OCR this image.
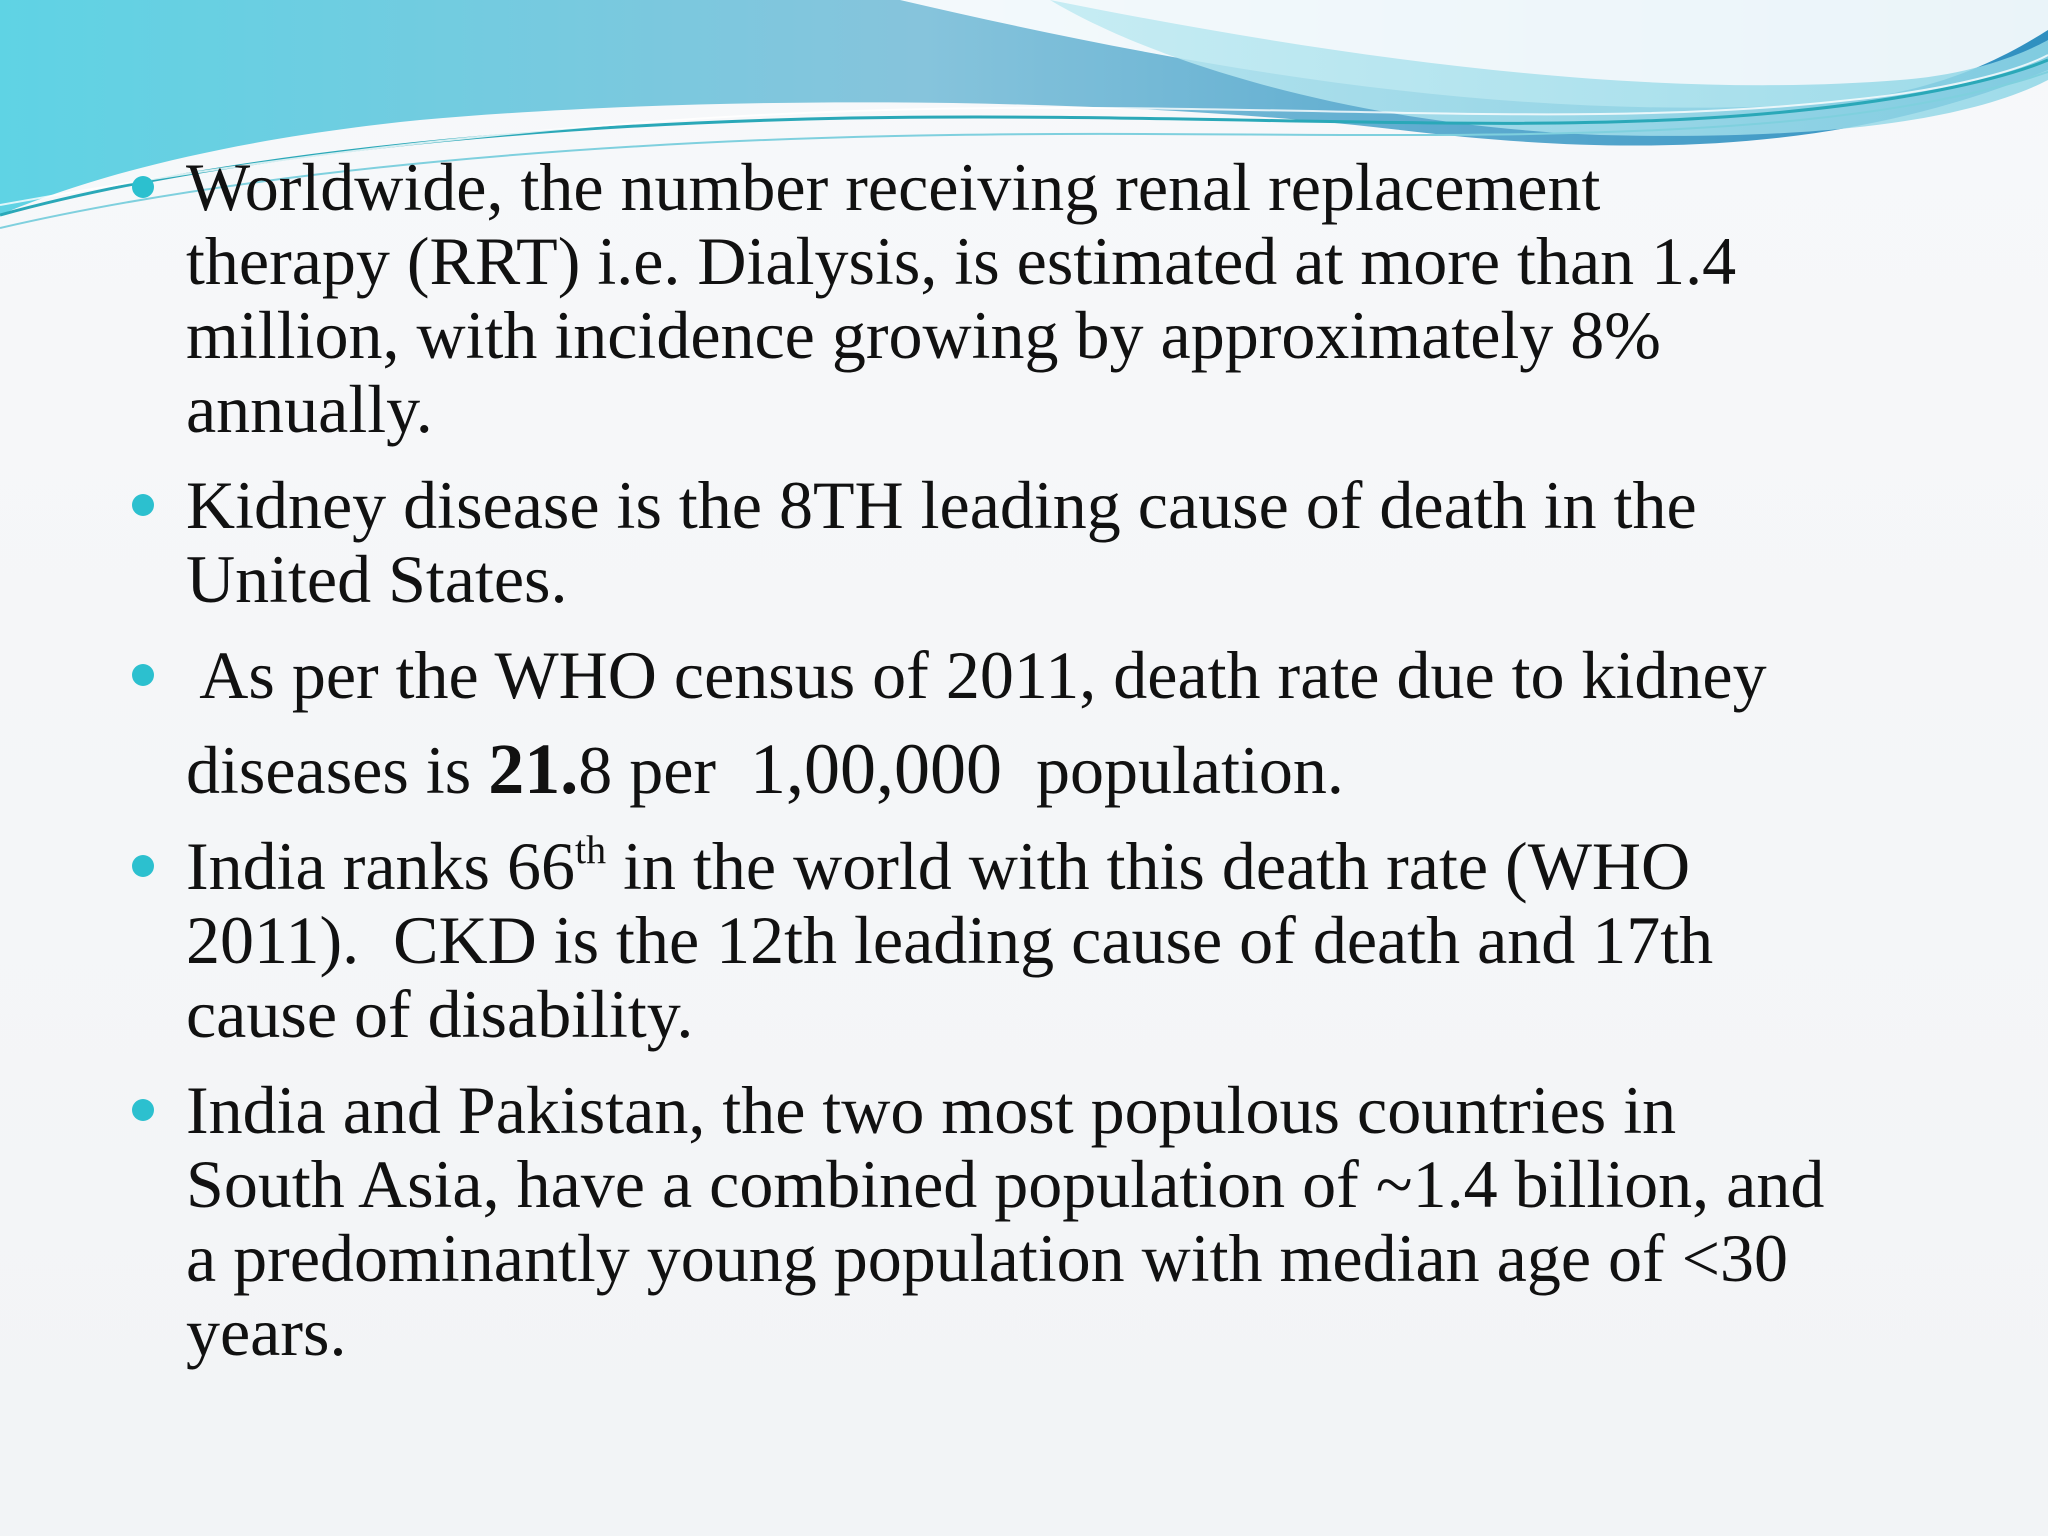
Worldwide, the number receiving renal replacement
therapy (RRT) i.e. Dialysis, is estimated at more than 1.4
million, with incidence growing by approximately 8%
annually.
Kidney disease is the 8TH leading cause of death in the
United States.
As per the WHO census of 2011, death rate due to kidney
diseases is 21.8 per  1,00,000  population.
India ranks 66th in the world with this death rate (WHO
2011).  CKD is the 12th leading cause of death and 17th
cause of disability.
India and Pakistan, the two most populous countries in
South Asia, have a combined population of ~1.4 billion, and
a predominantly young population with median age of <30
years.
